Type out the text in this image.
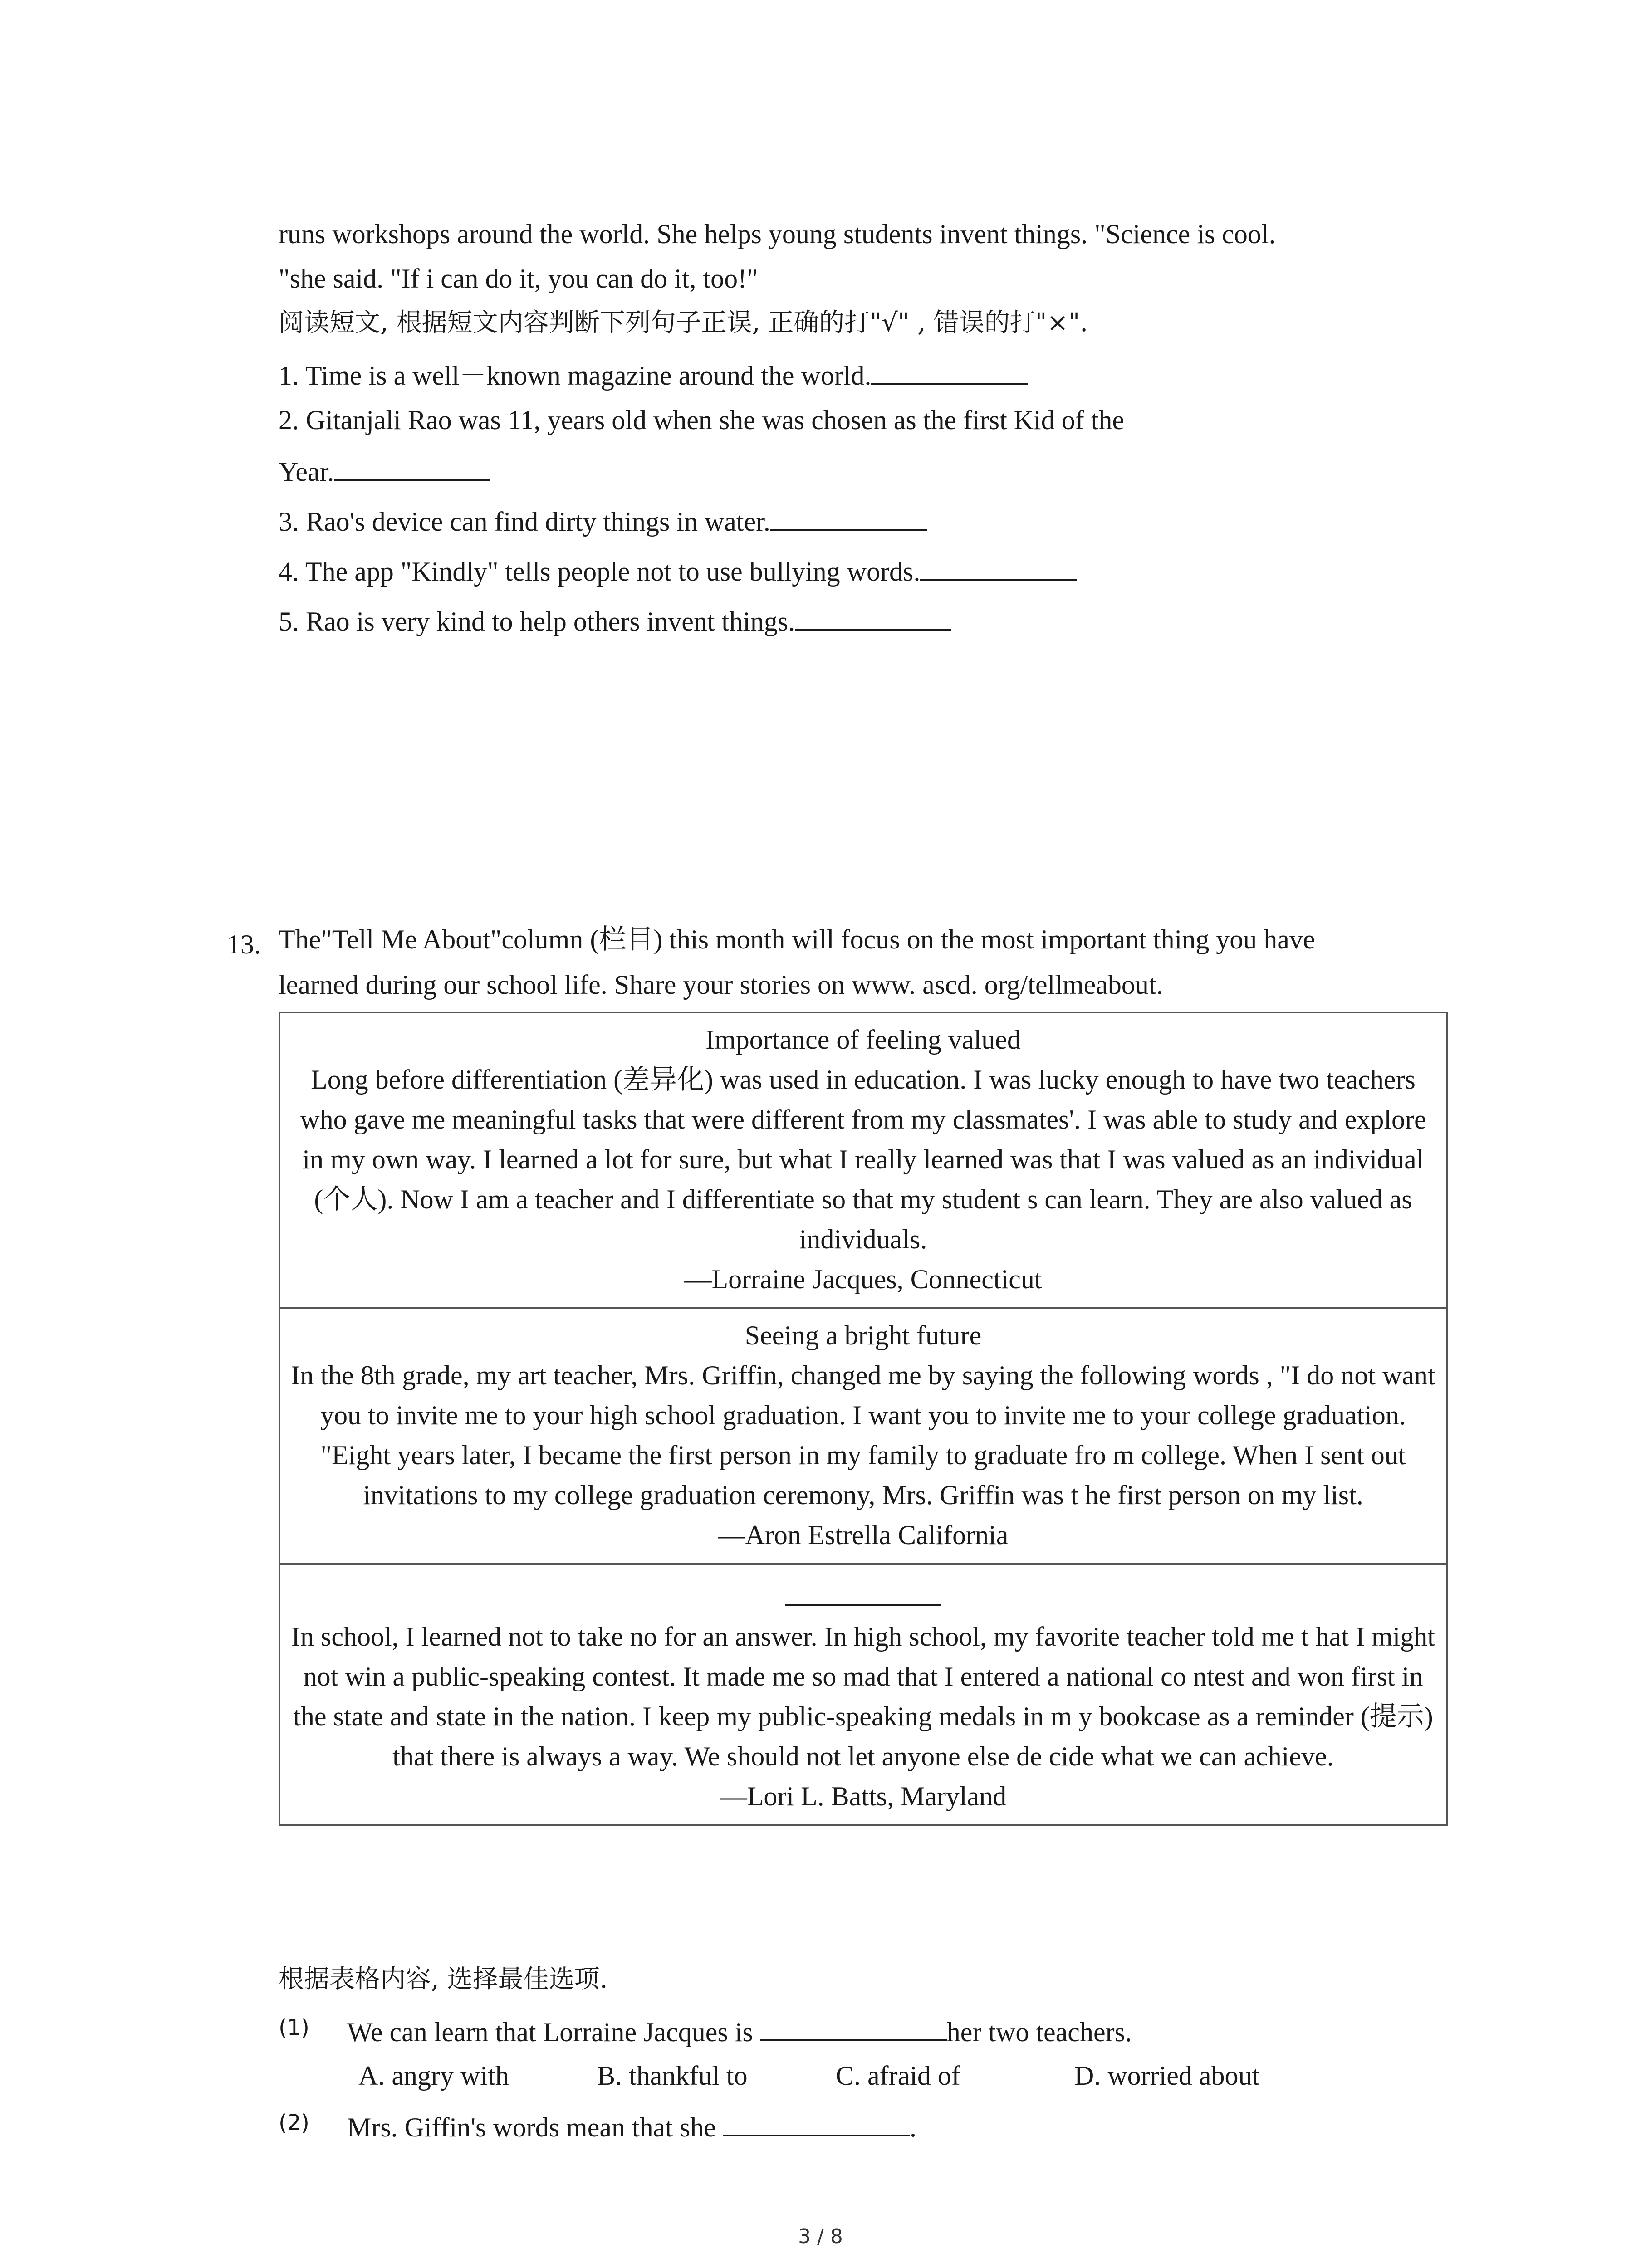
runs workshops around the world. She helps young students invent things. "Science is cool.
"she said. "If i can do it, you can do it, too!"
阅读短文, 根据短文内容判断下列句子正误, 正确的打"√" , 错误的打"×".
1. Time is a well－known magazine around the world.
2. Gitanjali Rao was 11, years old when she was chosen as the first Kid of the
Year.
3. Rao's device can find dirty things in water.
4. The app "Kindly" tells people not to use bullying words.
5. Rao is very kind to help others invent things.
13. The"Tell Me About"column (栏目) this month will focus on the most important thing you have
learned during our school life. Share your stories on www. ascd. org/tellmeabout.
Importance of feeling valued
Long before differentiation (差异化) was used in education. I was lucky enough to have two teachers who gave me meaningful tasks that were different from my classmates'. I was able to study and explore in my own way. I learned a lot for sure, but what I really learned was that I was valued as an individual (个人). Now I am a teacher and I differentiate so that my student s can learn. They are also valued as individuals.
—Lorraine Jacques, Connecticut

Seeing a bright future
In the 8th grade, my art teacher, Mrs. Griffin, changed me by saying the following words , "I do not want you to invite me to your high school graduation. I want you to invite me to your college graduation. "Eight years later, I became the first person in my family to graduate fro m college. When I sent out invitations to my college graduation ceremony, Mrs. Griffin was t he first person on my list.
—Aron Estrella California

In school, I learned not to take no for an answer. In high school, my favorite teacher told me t hat I might not win a public-speaking contest. It made me so mad that I entered a national co ntest and won first in the state and state in the nation. I keep my public-speaking medals in m y bookcase as a reminder (提示) that there is always a way. We should not let anyone else de cide what we can achieve.
—Lori L. Batts, Maryland
根据表格内容, 选择最佳选项.
(1) We can learn that Lorraine Jacques is	her two teachers.
A. angry with	B. thankful to	C. afraid of	D. worried about
(2) Mrs. Giffin's words mean that she	.
3 / 8
